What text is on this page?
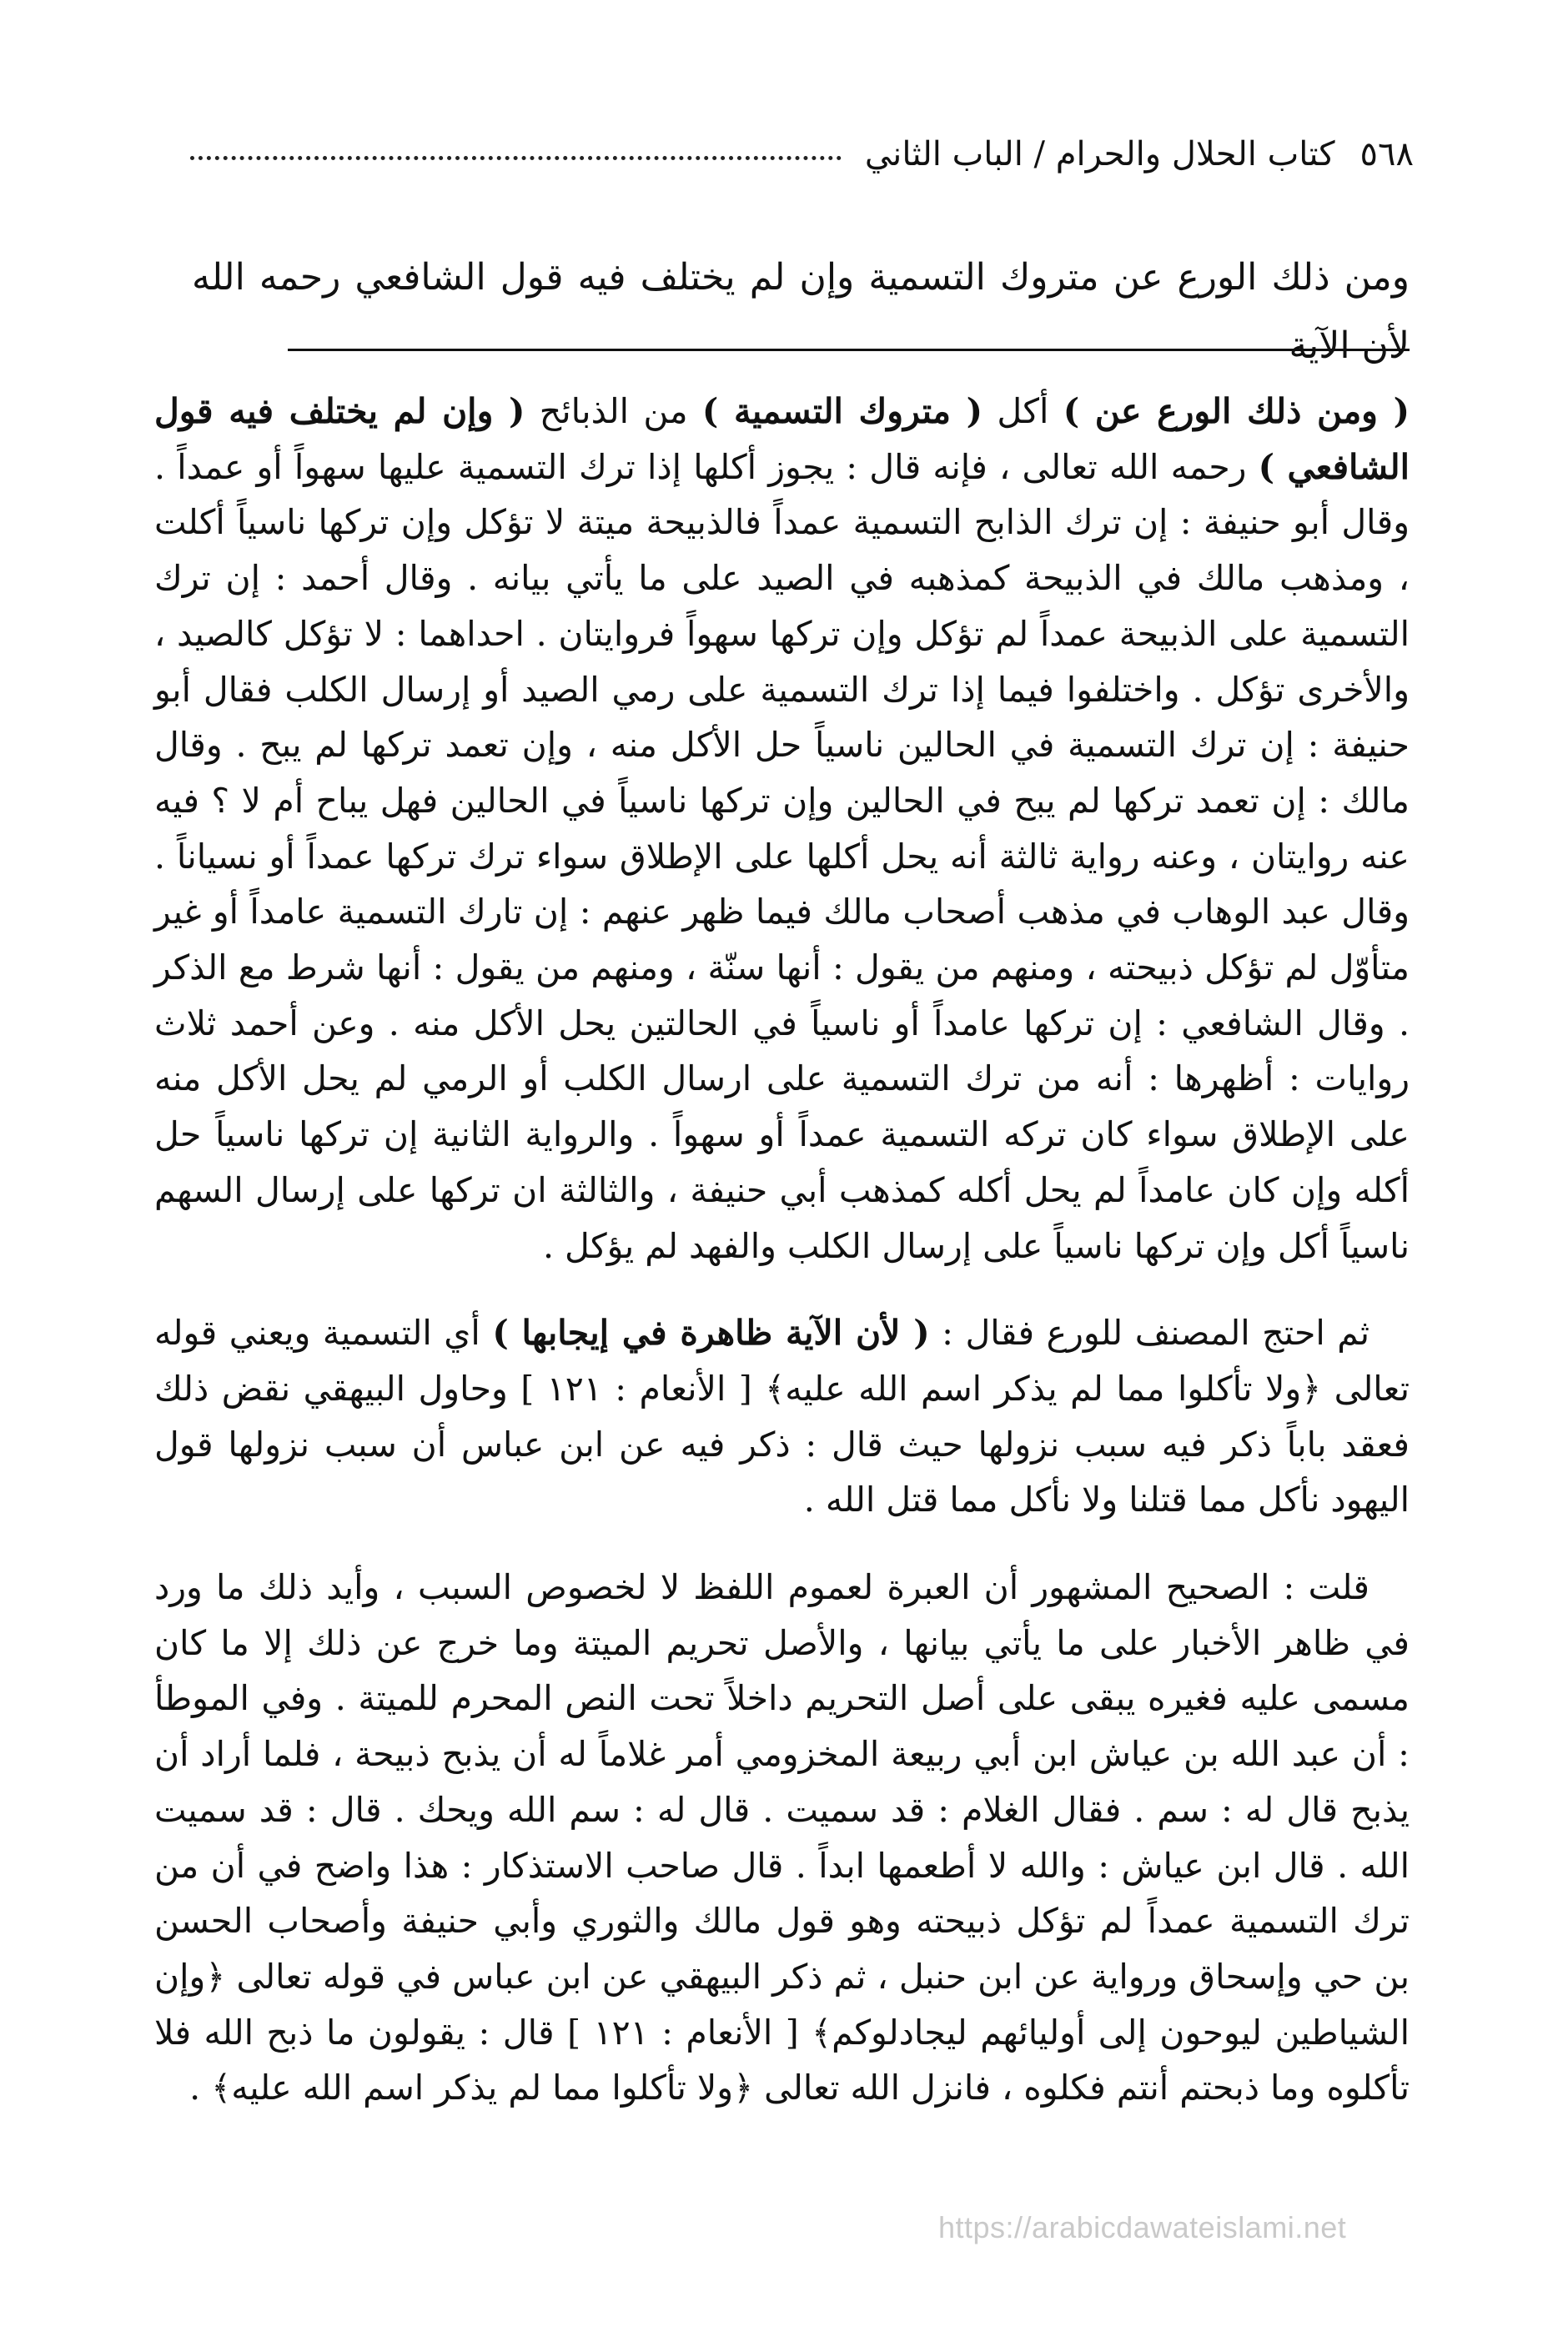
٥٦٨
كتاب الحلال والحرام / الباب الثاني
ومن ذلك الورع عن متروك التسمية وإن لم يختلف فيه قول الشافعي رحمه الله لأن الآية

( ومن ذلك الورع عن ) أكل ( متروك التسمية ) من الذبائح ( وإن لم يختلف فيه قول الشافعي ) رحمه الله تعالى ، فإنه قال : يجوز أكلها إذا ترك التسمية عليها سهواً أو عمداً . وقال أبو حنيفة : إن ترك الذابح التسمية عمداً فالذبيحة ميتة لا تؤكل وإن تركها ناسياً أكلت ، ومذهب مالك في الذبيحة كمذهبه في الصيد على ما يأتي بيانه . وقال أحمد : إن ترك التسمية على الذبيحة عمداً لم تؤكل وإن تركها سهواً فروايتان . احداهما : لا تؤكل كالصيد ، والأخرى تؤكل . واختلفوا فيما إذا ترك التسمية على رمي الصيد أو إرسال الكلب فقال أبو حنيفة : إن ترك التسمية في الحالين ناسياً حل الأكل منه ، وإن تعمد تركها لم يبح . وقال مالك : إن تعمد تركها لم يبح في الحالين وإن تركها ناسياً في الحالين فهل يباح أم لا ؟ فيه عنه روايتان ، وعنه رواية ثالثة أنه يحل أكلها على الإطلاق سواء ترك تركها عمداً أو نسياناً . وقال عبد الوهاب في مذهب أصحاب مالك فيما ظهر عنهم : إن تارك التسمية عامداً أو غير متأوّل لم تؤكل ذبيحته ، ومنهم من يقول : أنها سنّة ، ومنهم من يقول : أنها شرط مع الذكر . وقال الشافعي : إن تركها عامداً أو ناسياً في الحالتين يحل الأكل منه . وعن أحمد ثلاث روايات : أظهرها : أنه من ترك التسمية على ارسال الكلب أو الرمي لم يحل الأكل منه على الإطلاق سواء كان تركه التسمية عمداً أو سهواً . والرواية الثانية إن تركها ناسياً حل أكله وإن كان عامداً لم يحل أكله كمذهب أبي حنيفة ، والثالثة ان تركها على إرسال السهم ناسياً أكل وإن تركها ناسياً على إرسال الكلب والفهد لم يؤكل .

ثم احتج المصنف للورع فقال : ( لأن الآية ظاهرة في إيجابها ) أي التسمية ويعني قوله تعالى ﴿ولا تأكلوا مما لم يذكر اسم الله عليه﴾ [ الأنعام : ١٢١ ] وحاول البيهقي نقض ذلك فعقد باباً ذكر فيه سبب نزولها حيث قال : ذكر فيه عن ابن عباس أن سبب نزولها قول اليهود نأكل مما قتلنا ولا نأكل مما قتل الله .

قلت : الصحيح المشهور أن العبرة لعموم اللفظ لا لخصوص السبب ، وأيد ذلك ما ورد في ظاهر الأخبار على ما يأتي بيانها ، والأصل تحريم الميتة وما خرج عن ذلك إلا ما كان مسمى عليه فغيره يبقى على أصل التحريم داخلاً تحت النص المحرم للميتة . وفي الموطأ : أن عبد الله بن عياش ابن أبي ربيعة المخزومي أمر غلاماً له أن يذبح ذبيحة ، فلما أراد أن يذبح قال له : سم . فقال الغلام : قد سميت . قال له : سم الله ويحك . قال : قد سميت الله . قال ابن عياش : والله لا أطعمها ابداً . قال صاحب الاستذكار : هذا واضح في أن من ترك التسمية عمداً لم تؤكل ذبيحته وهو قول مالك والثوري وأبي حنيفة وأصحاب الحسن بن حي وإسحاق ورواية عن ابن حنبل ، ثم ذكر البيهقي عن ابن عباس في قوله تعالى ﴿وإن الشياطين ليوحون إلى أوليائهم ليجادلوكم﴾ [ الأنعام : ١٢١ ] قال : يقولون ما ذبح الله فلا تأكلوه وما ذبحتم أنتم فكلوه ، فانزل الله تعالى ﴿ولا تأكلوا مما لم يذكر اسم الله عليه﴾ .

https://arabicdawateislami.net
